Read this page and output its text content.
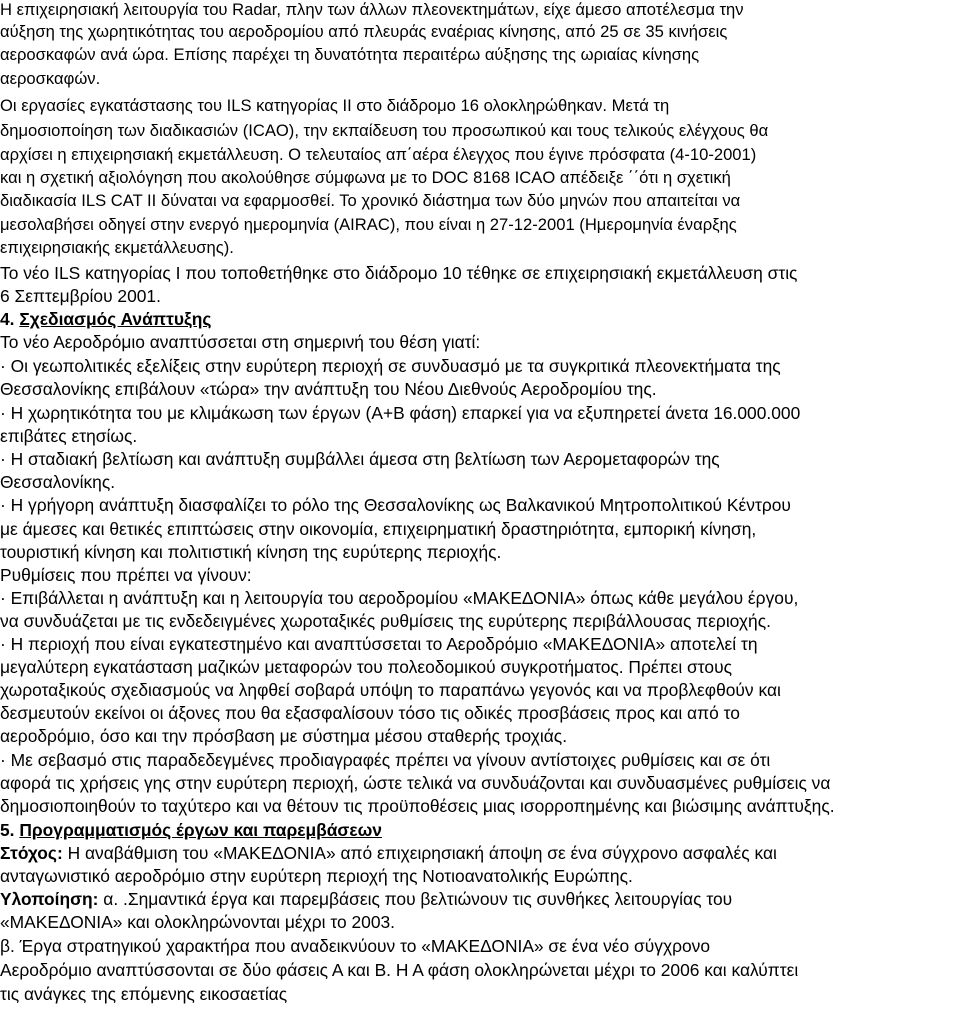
Η επιχειρησιακή λειτουργία του Radar, πλην των άλλων πλεονεκτημάτων, είχε άμεσο αποτέλεσμα την
αύξηση της χωρητικότητας του αεροδρομίου από πλευράς εναέριας κίνησης, από 25 σε 35 κινήσεις
αεροσκαφών ανά ώρα. Επίσης παρέχει τη δυνατότητα περαιτέρω αύξησης της ωριαίας κίνησης
αεροσκαφών.
Οι εργασίες εγκατάστασης του ILS κατηγορίας ΙΙ στο διάδρομο 16 ολοκληρώθηκαν. Μετά τη
δημοσιοποίηση των διαδικασιών (ICAO), την εκπαίδευση του προσωπικού και τους τελικούς ελέγχους θα
αρχίσει η επιχειρησιακή εκμετάλλευση. Ο τελευταίος απ΄αέρα έλεγχος που έγινε πρόσφατα (4-10-2001)
και η σχετική αξιολόγηση που ακολούθησε σύμφωνα με το DOC 8168 ICAO απέδειξε ΄΄ότι η σχετική
διαδικασία ILS CAT II δύναται να εφαρμοσθεί. Το χρονικό διάστημα των δύο μηνών που απαιτείται να
μεσολαβήσει οδηγεί στην ενεργό ημερομηνία (AIRAC), που είναι η 27-12-2001 (Ημερομηνία έναρξης
επιχειρησιακής εκμετάλλευσης).
Το νέο ILS κατηγορίας Ι που τοποθετήθηκε στο διάδρομο 10 τέθηκε σε επιχειρησιακή εκμετάλλευση στις
6 Σεπτεμβρίου 2001.
4. Σχεδιασμός Ανάπτυξης
Το νέο Αεροδρόμιο αναπτύσσεται στη σημερινή του θέση γιατί:
· Οι γεωπολιτικές εξελίξεις στην ευρύτερη περιοχή σε συνδυασμό με τα συγκριτικά πλεονεκτήματα της
Θεσσαλονίκης επιβάλουν «τώρα» την ανάπτυξη του Νέου Διεθνούς Αεροδρομίου της.
· Η χωρητικότητα του με κλιμάκωση των έργων (Α+Β φάση) επαρκεί για να εξυπηρετεί άνετα 16.000.000
επιβάτες ετησίως.
· Η σταδιακή βελτίωση και ανάπτυξη συμβάλλει άμεσα στη βελτίωση των Αερομεταφορών της
Θεσσαλονίκης.
· Η γρήγορη ανάπτυξη διασφαλίζει το ρόλο της Θεσσαλονίκης ως Βαλκανικού Μητροπολιτικού Κέντρου
με άμεσες και θετικές επιπτώσεις στην οικονομία, επιχειρηματική δραστηριότητα, εμπορική κίνηση,
τουριστική κίνηση και πολιτιστική κίνηση της ευρύτερης περιοχής.
Ρυθμίσεις που πρέπει να γίνουν:
· Επιβάλλεται η ανάπτυξη και η λειτουργία του αεροδρομίου «ΜΑΚΕΔΟΝΙΑ» όπως κάθε μεγάλου έργου,
να συνδυάζεται με τις ενδεδειγμένες χωροταξικές ρυθμίσεις της ευρύτερης περιβάλλουσας περιοχής.
· Η περιοχή που είναι εγκατεστημένο και αναπτύσσεται το Αεροδρόμιο «ΜΑΚΕΔΟΝΙΑ» αποτελεί τη
μεγαλύτερη εγκατάσταση μαζικών μεταφορών του πολεοδομικού συγκροτήματος. Πρέπει στους
χωροταξικούς σχεδιασμούς να ληφθεί σοβαρά υπόψη το παραπάνω γεγονός και να προβλεφθούν και
δεσμευτούν εκείνοι οι άξονες που θα εξασφαλίσουν τόσο τις οδικές προσβάσεις προς και από το
αεροδρόμιο, όσο και την πρόσβαση με σύστημα μέσου σταθερής τροχιάς.
· Με σεβασμό στις παραδεδεγμένες προδιαγραφές πρέπει να γίνουν αντίστοιχες ρυθμίσεις και σε ότι
αφορά τις χρήσεις γης στην ευρύτερη περιοχή, ώστε τελικά να συνδυάζονται και συνδυασμένες ρυθμίσεις να
δημοσιοποιηθούν το ταχύτερο και να θέτουν τις προϋποθέσεις μιας ισορροπημένης και βιώσιμης ανάπτυξης.
5. Προγραμματισμός έργων και παρεμβάσεων
Στόχος: Η αναβάθμιση του «ΜΑΚΕΔΟΝΙΑ» από επιχειρησιακή άποψη σε ένα σύγχρονο ασφαλές και
ανταγωνιστικό αεροδρόμιο στην ευρύτερη περιοχή της Νοτιοανατολικής Ευρώπης.
Υλοποίηση: α. .Σημαντικά έργα και παρεμβάσεις που βελτιώνουν τις συνθήκες λειτουργίας του
«ΜΑΚΕΔΟΝΙΑ» και ολοκληρώνονται μέχρι το 2003.
β. Έργα στρατηγικού χαρακτήρα που αναδεικνύουν το «ΜΑΚΕΔΟΝΙΑ» σε ένα νέο σύγχρονο
Αεροδρόμιο αναπτύσσονται σε δύο φάσεις Α και Β. Η Α φάση ολοκληρώνεται μέχρι το 2006 και καλύπτει
τις ανάγκες της επόμενης εικοσαετίας
